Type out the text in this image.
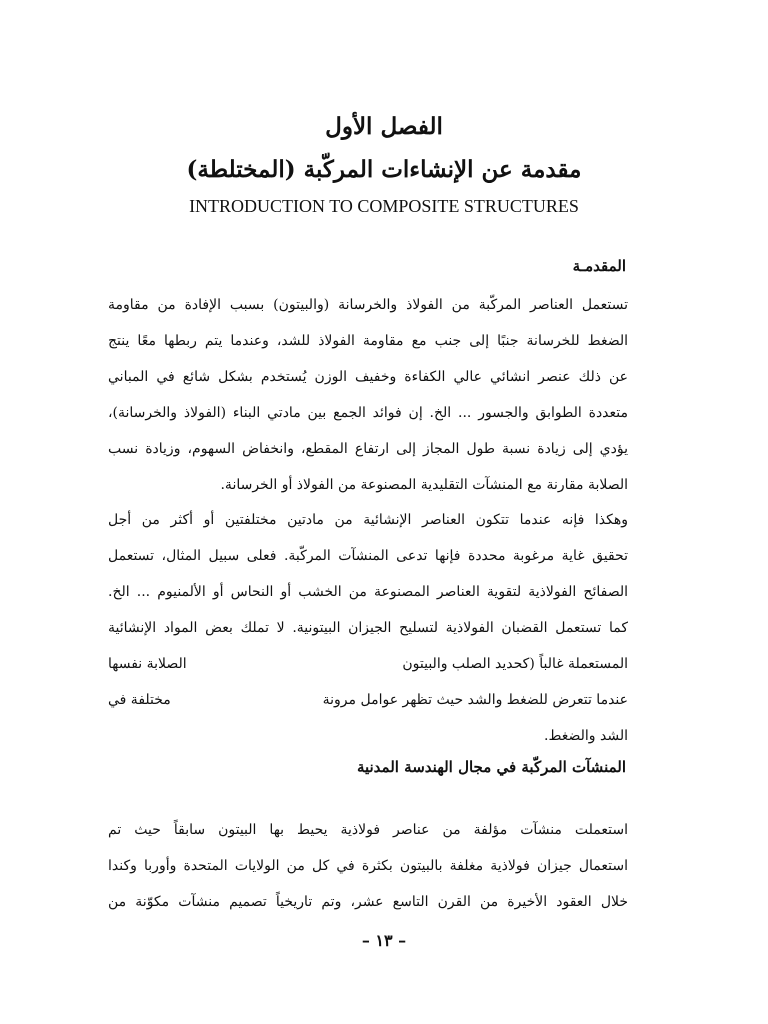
الفصل الأول
مقدمة عن الإنشاءات المركّبة (المختلطة)
INTRODUCTION TO COMPOSITE STRUCTURES
المقدمـة
تستعمل العناصر المركّبة من الفولاذ والخرسانة (والبيتون) بسبب الإفادة من مقاومة
الضغط للخرسانة جنبًا إلى جنب مع مقاومة الفولاذ للشد، وعندما يتم ربطها معًا ينتج
عن ذلك عنصر انشائي عالي الكفاءة وخفيف الوزن يُستخدم بشكل شائع في المباني
متعددة الطوابق والجسور ... الخ. إن فوائد الجمع بين مادتي البناء (الفولاذ والخرسانة)،
يؤدي إلى زيادة نسبة طول المجاز إلى ارتفاع المقطع، وانخفاض السهوم، وزيادة نسب
الصلابة مقارنة مع المنشآت التقليدية المصنوعة من الفولاذ أو الخرسانة.
وهكذا فإنه عندما تتكون العناصر الإنشائية من مادتين مختلفتين أو أكثر من أجل
تحقيق غاية مرغوبة محددة فإنها تدعى المنشآت المركّبة. فعلى سبيل المثال، تستعمل
الصفائح الفولاذية لتقوية العناصر المصنوعة من الخشب أو النحاس أو الألمنيوم ... الخ.
كما تستعمل القضبان الفولاذية لتسليح الجيزان البيتونية. لا تملك بعض المواد الإنشائية
المستعملة غالباً (كحديد الصلب والبيتون
الصلابة نفسها
عندما تتعرض للضغط والشد حيث تظهر عوامل مرونة
مختلفة في
الشد والضغط.
المنشآت المركّبة في مجال الهندسة المدنية
استعملت منشآت مؤلفة من عناصر فولاذية يحيط بها البيتون سابقاً حيث تم
استعمال جيزان فولاذية مغلفة بالبيتون بكثرة في كل من الولايات المتحدة وأوربا وكندا
خلال العقود الأخيرة من القرن التاسع عشر، وتم تاريخياً تصميم منشآت مكوّنة من
– ١٣ –
